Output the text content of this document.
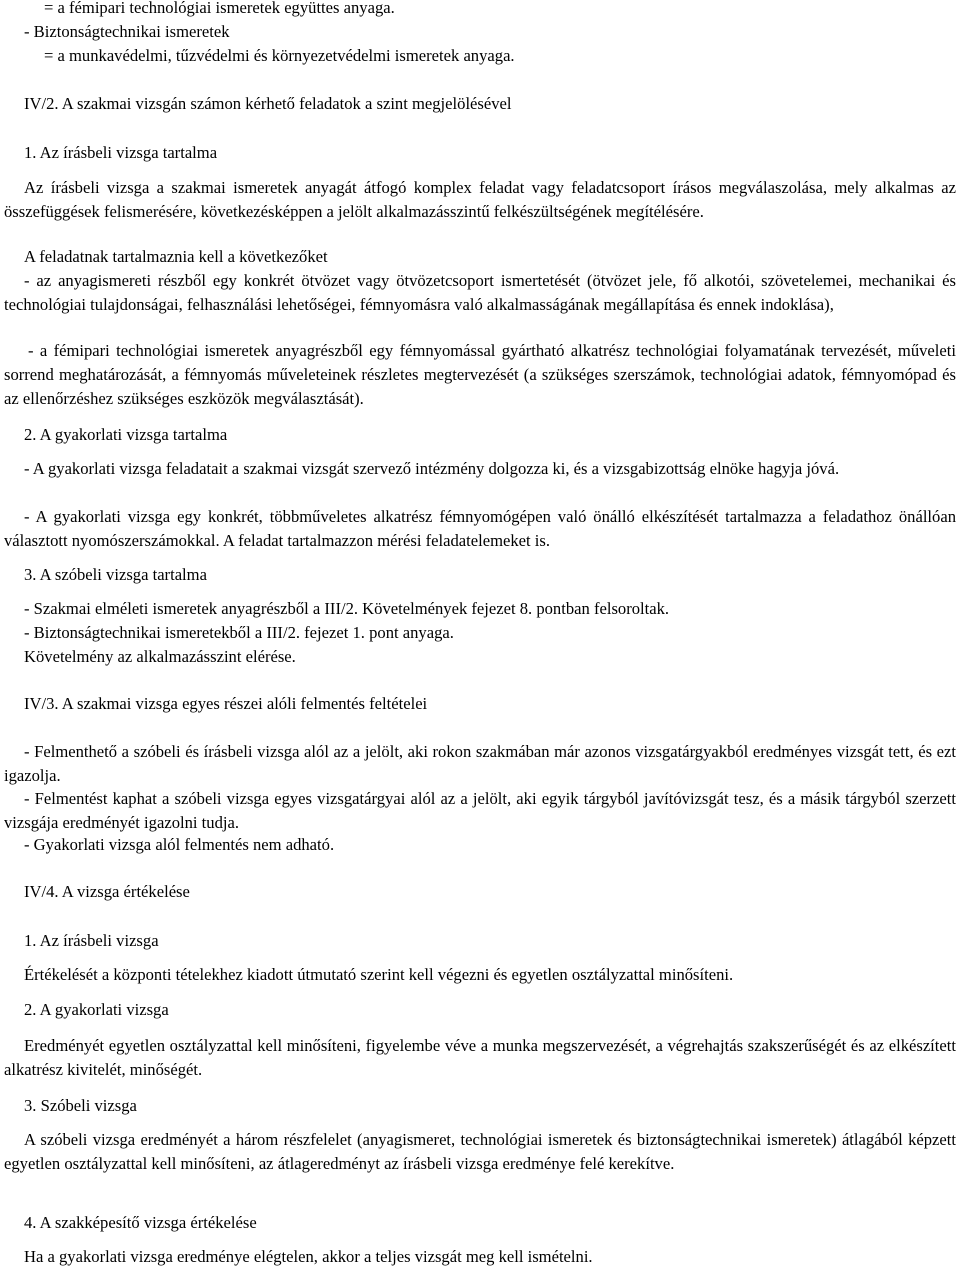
= a fémipari technológiai ismeretek együttes anyaga.

- Biztonságtechnikai ismeretek

= a munkavédelmi, tűzvédelmi és környezetvédelmi ismeretek anyaga.

IV/2. A szakmai vizsgán számon kérhető feladatok a szint megjelölésével

1. Az írásbeli vizsga tartalma

Az írásbeli vizsga a szakmai ismeretek anyagát átfogó komplex feladat vagy feladatcsoport írásos megválaszolása, mely alkalmas az összefüggések felismerésére, következésképpen a jelölt alkalmazásszintű felkészültségének megítélésére.

A feladatnak tartalmaznia kell a következőket

- az anyagismereti részből egy konkrét ötvözet vagy ötvözetcsoport ismertetését (ötvözet jele, fő alkotói, szövetelemei, mechanikai és technológiai tulajdonságai, felhasználási lehetőségei, fémnyomásra való alkalmasságának megállapítása és ennek indoklása),

- a fémipari technológiai ismeretek anyagrészből egy fémnyomással gyártható alkatrész technológiai folyamatának tervezését, műveleti sorrend meghatározását, a fémnyomás műveleteinek részletes megtervezését (a szükséges szerszámok, technológiai adatok, fémnyomópad és az ellenőrzéshez szükséges eszközök megválasztását).

2. A gyakorlati vizsga tartalma

- A gyakorlati vizsga feladatait a szakmai vizsgát szervező intézmény dolgozza ki, és a vizsgabizottság elnöke hagyja jóvá.

- A gyakorlati vizsga egy konkrét, többműveletes alkatrész fémnyomógépen való önálló elkészítését tartalmazza a feladathoz önállóan választott nyomószerszámokkal. A feladat tartalmazzon mérési feladatelemeket is.

3. A szóbeli vizsga tartalma

- Szakmai elméleti ismeretek anyagrészből a III/2. Követelmények fejezet 8. pontban felsoroltak.

- Biztonságtechnikai ismeretekből a III/2. fejezet 1. pont anyaga.

Követelmény az alkalmazásszint elérése.

IV/3. A szakmai vizsga egyes részei alóli felmentés feltételei

- Felmenthető a szóbeli és írásbeli vizsga alól az a jelölt, aki rokon szakmában már azonos vizsgatárgyakból eredményes vizsgát tett, és ezt igazolja.

- Felmentést kaphat a szóbeli vizsga egyes vizsgatárgyai alól az a jelölt, aki egyik tárgyból javítóvizsgát tesz, és a másik tárgyból szerzett vizsgája eredményét igazolni tudja.

- Gyakorlati vizsga alól felmentés nem adható.

IV/4. A vizsga értékelése

1. Az írásbeli vizsga

Értékelését a központi tételekhez kiadott útmutató szerint kell végezni és egyetlen osztályzattal minősíteni.

2. A gyakorlati vizsga

Eredményét egyetlen osztályzattal kell minősíteni, figyelembe véve a munka megszervezését, a végrehajtás szakszerűségét és az elkészített alkatrész kivitelét, minőségét.

3. Szóbeli vizsga

A szóbeli vizsga eredményét a három részfelelet (anyagismeret, technológiai ismeretek és biztonságtechnikai ismeretek) átlagából képzett egyetlen osztályzattal kell minősíteni, az átlageredményt az írásbeli vizsga eredménye felé kerekítve.

4. A szakképesítő vizsga értékelése

Ha a gyakorlati vizsga eredménye elégtelen, akkor a teljes vizsgát meg kell ismételni.
